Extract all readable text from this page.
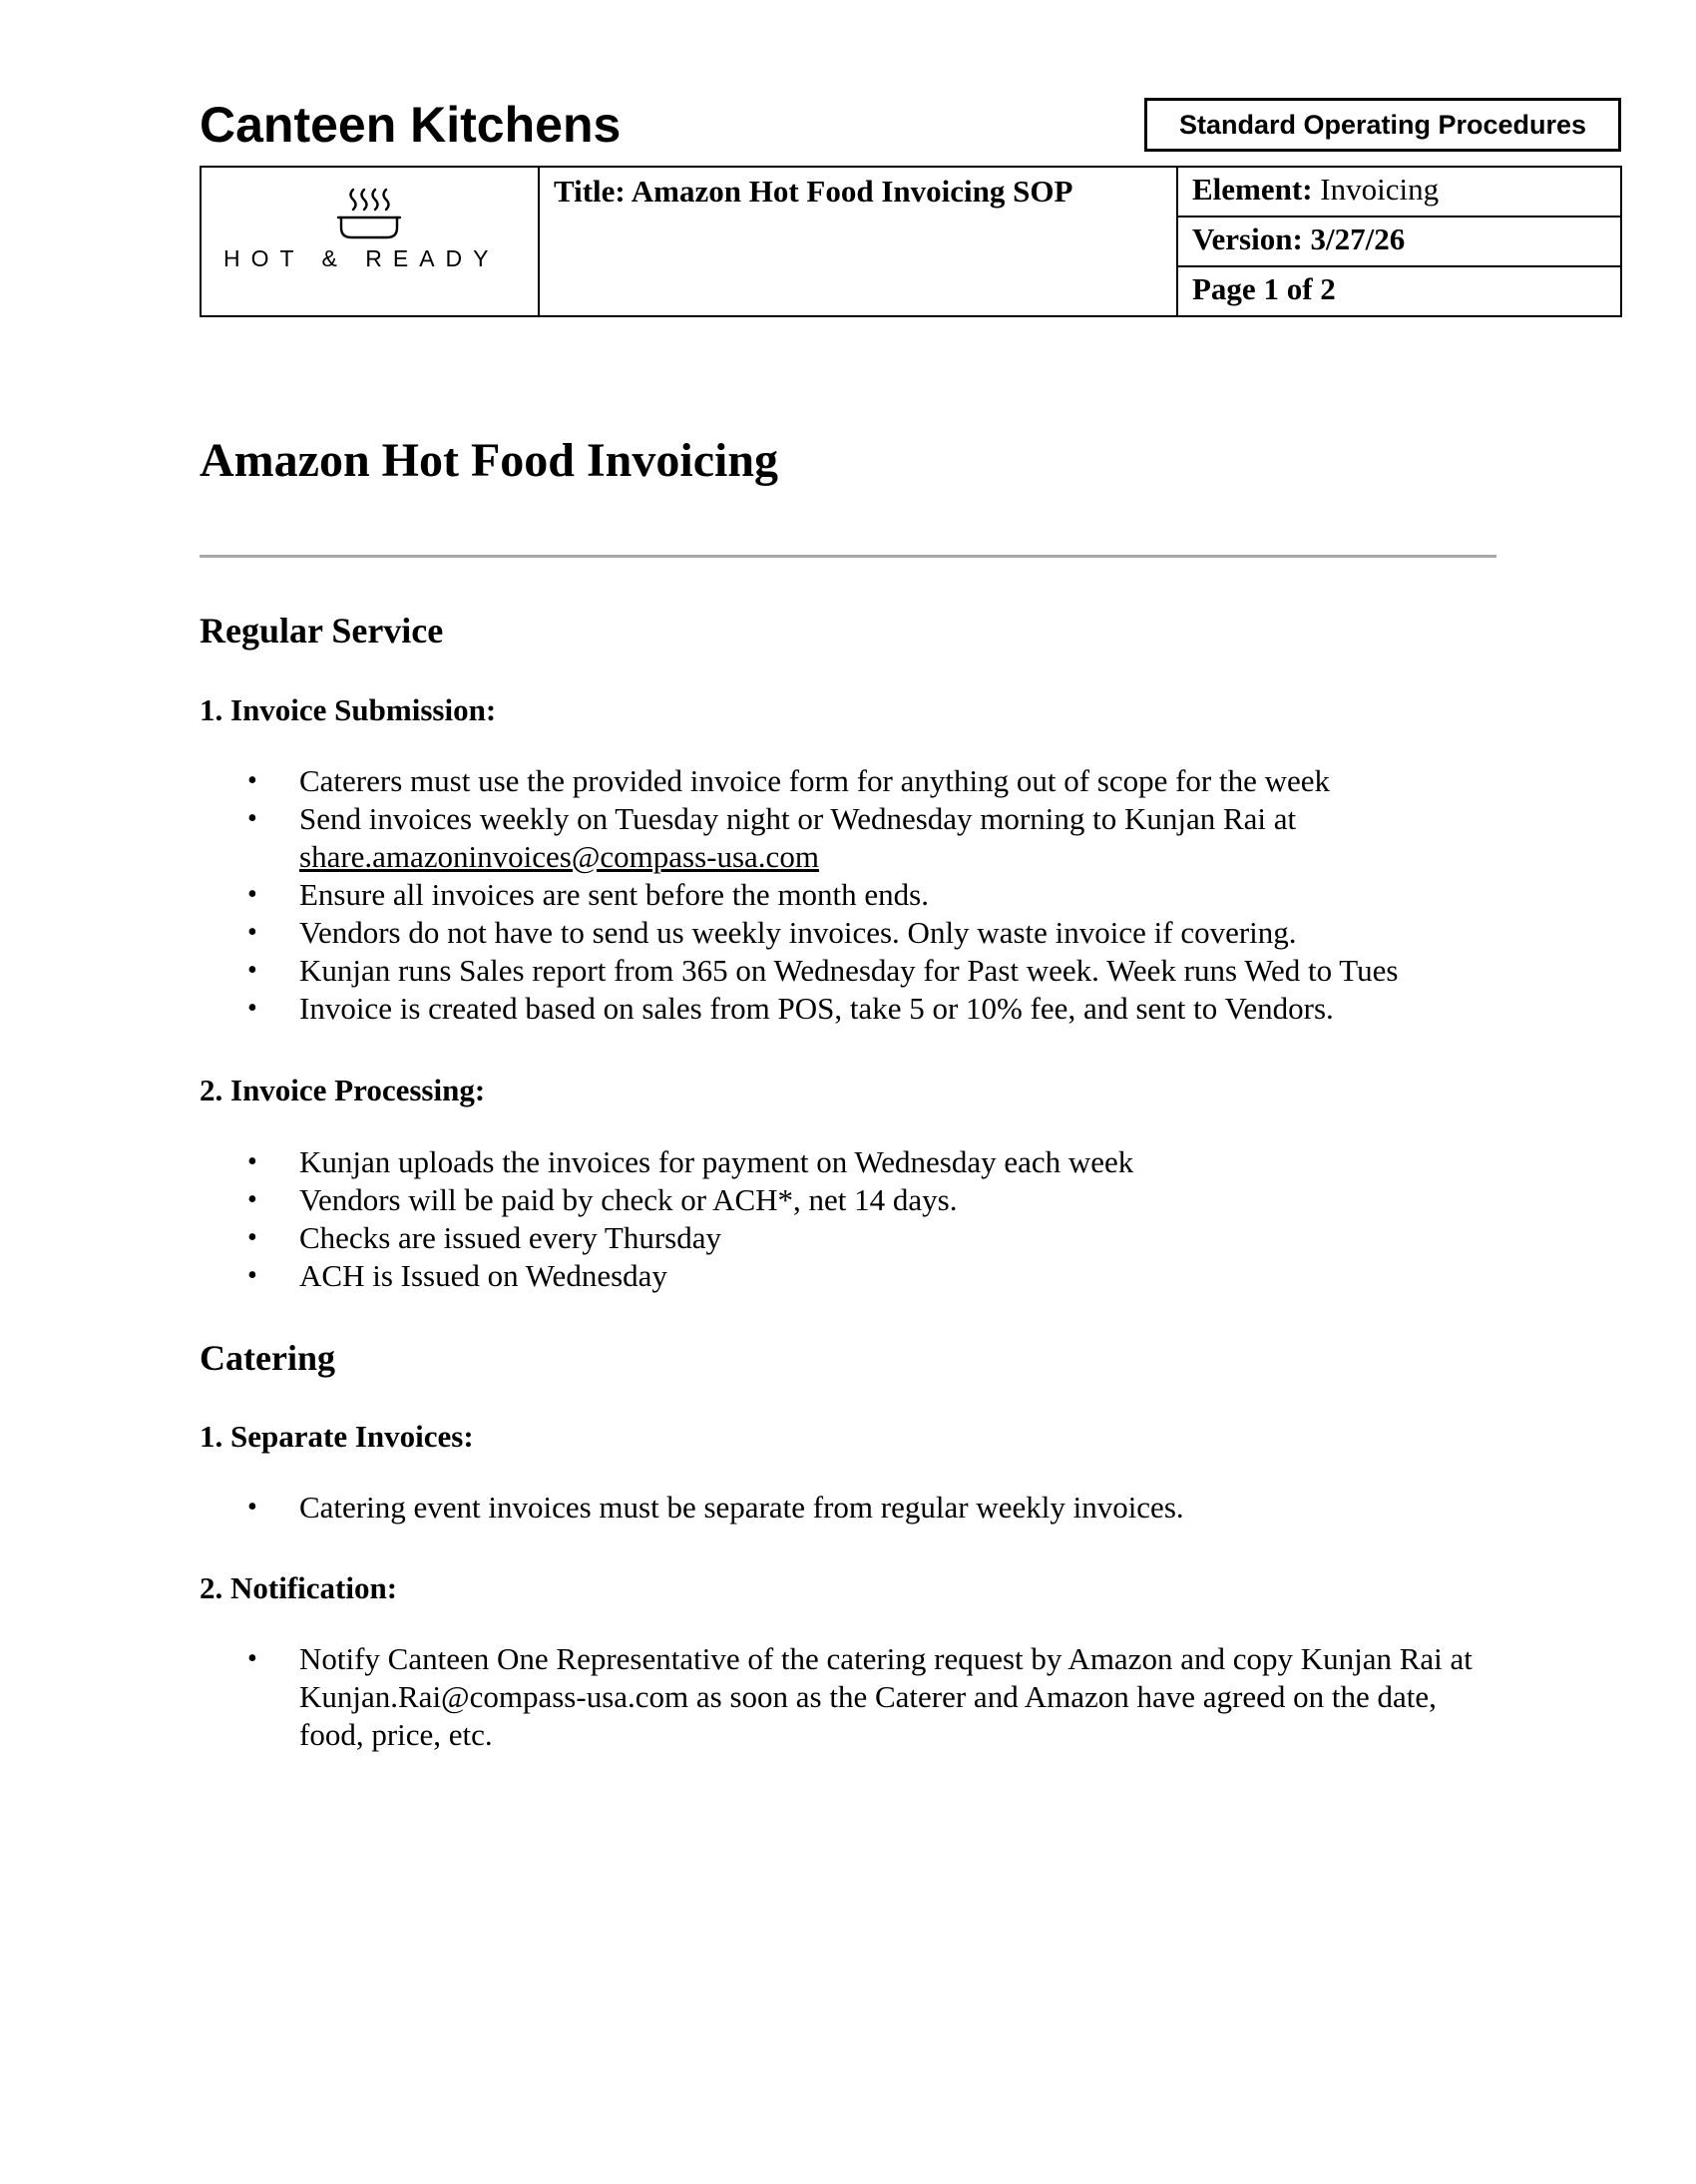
Canteen Kitchens	Standard Operating Procedures
HOT & READY
	Title: Amazon Hot Food Invoicing SOP	Element: Invoicing
Version: 3/27/26
Page 1 of 2
Amazon Hot Food Invoicing
Regular Service
1. Invoice Submission:
• Caterers must use the provided invoice form for anything out of scope for the week
• Send invoices weekly on Tuesday night or Wednesday morning to Kunjan Rai at
share.amazoninvoices@compass-usa.com
• Ensure all invoices are sent before the month ends.
• Vendors do not have to send us weekly invoices. Only waste invoice if covering.
• Kunjan runs Sales report from 365 on Wednesday for Past week. Week runs Wed to Tues
• Invoice is created based on sales from POS, take 5 or 10% fee, and sent to Vendors.
2. Invoice Processing:
• Kunjan uploads the invoices for payment on Wednesday each week
• Vendors will be paid by check or ACH*, net 14 days.
• Checks are issued every Thursday
• ACH is Issued on Wednesday
Catering
1. Separate Invoices:
• Catering event invoices must be separate from regular weekly invoices.
2. Notification:
• Notify Canteen One Representative of the catering request by Amazon and copy Kunjan Rai at Kunjan.Rai@compass-usa.com as soon as the Caterer and Amazon have agreed on the date, food, price, etc.
